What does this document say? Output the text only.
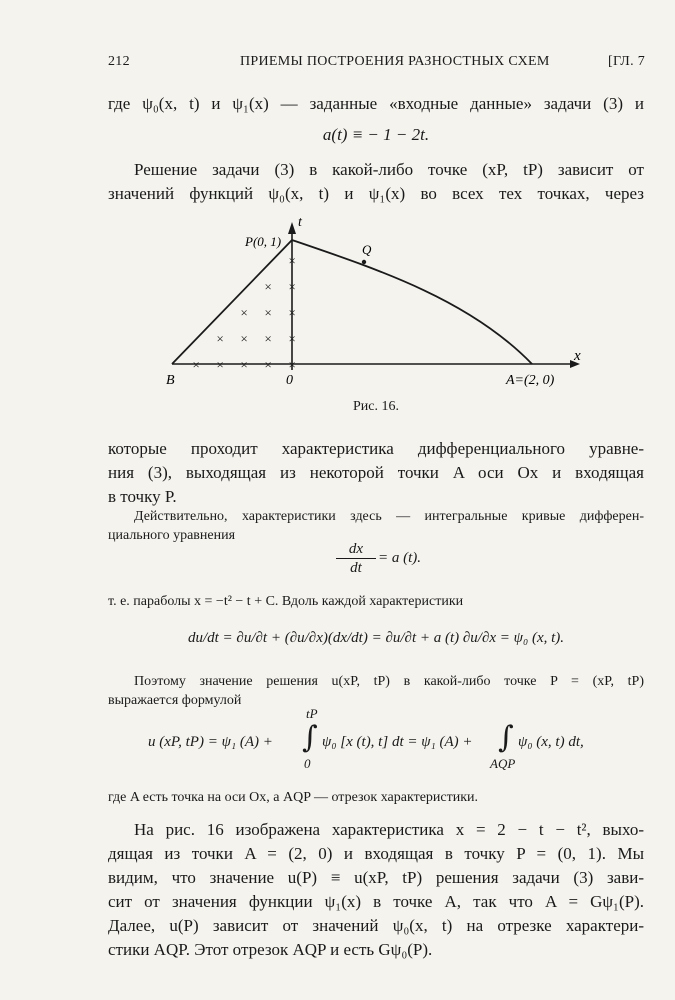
212	ПРИЕМЫ ПОСТРОЕНИЯ РАЗНОСТНЫХ СХЕМ	[ГЛ. 7
где ψ₀(x, t) и ψ₁(x) — заданные «входные данные» задачи (3) и
a(t) ≡ − 1 − 2t.
Решение задачи (3) в какой-либо точке (xP, tP) зависит от
значений функций ψ₀(x, t) и ψ₁(x) во всех тех точках, через
× × × × ×
× × × ×
× × ×
× ×
×
t
x
P(0, 1)
Q
B	0	A=(2, 0)
Рис. 16.
которые проходит характеристика дифференциального уравне-
ния (3), выходящая из некоторой точки A оси Ox и входящая
в точку P.
Действительно, характеристики здесь — интегральные кривые дифферен-
циального уравнения
$\frac{dx}{dt} = a$ (t).
т. е. параболы x = −t² − t + C. Вдоль каждой характеристики
du/dt = ∂u/∂t + (∂u/∂x)(dx/dt) = ∂u/∂t + a (t) ∂u/∂x = ψ₀ (x, t).
Поэтому значение решения u(xP, tP) в какой-либо точке P = (xP, tP)
выражается формулой
u (xP, tP) = ψ₁ (A) + ∫
tP
0
ψ₀ [x (t), t] dt = ψ₁ (A) + ∫
AQP
ψ₀ (x, t) dt,
где A есть точка на оси Ox, а AQP — отрезок характеристики.
На рис. 16 изображена характеристика x = 2 − t − t², выхо-
дящая из точки A = (2, 0) и входящая в точку P = (0, 1). Мы
видим, что значение u(P) ≡ u(xP, tP) решения задачи (3) зави-
сит от значения функции ψ₁(x) в точке A, так что A = Gψ₁(P).
Далее, u(P) зависит от значений ψ₀(x, t) на отрезке характери-
стики AQP. Этот отрезок AQP и есть Gψ₀(P).
